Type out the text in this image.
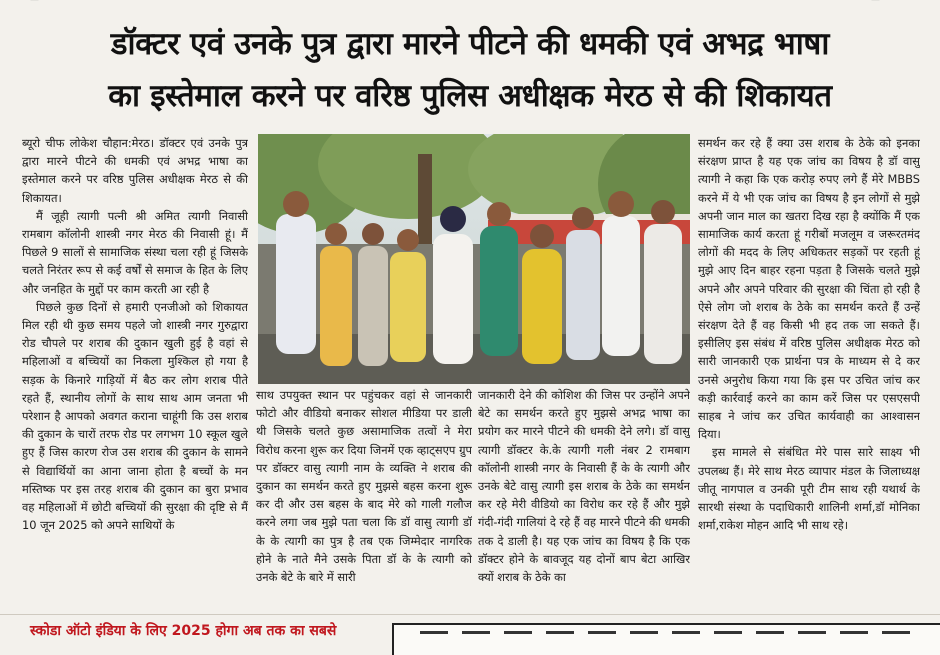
—	—
डॉक्टर एवं उनके पुत्र द्वारा मारने पीटने की धमकी एवं अभद्र भाषा
का इस्तेमाल करने पर वरिष्ठ पुलिस अधीक्षक मेरठ से की शिकायत

ब्यूरो चीफ लोकेश चौहान:मेरठ। डॉक्टर एवं उनके पुत्र द्वारा मारने पीटने की धमकी एवं अभद्र भाषा का इस्तेमाल करने पर वरिष्ठ पुलिस अधीक्षक मेरठ से की शिकायत।

मैं जूही त्यागी पत्नी श्री अमित त्यागी निवासी रामबाग कॉलोनी शास्त्री नगर मेरठ की निवासी हूं। मैं पिछले 9 सालों से सामाजिक संस्था चला रही हूं जिसके चलते निरंतर रूप से कई वर्षों से समाज के हित के लिए और जनहित के मुद्दों पर काम करती आ रही है

पिछले कुछ दिनों से हमारी एनजीओ को शिकायत मिल रही थी कुछ समय पहले जो शास्त्री नगर गुरुद्वारा रोड चौपले पर शराब की दुकान खुली हुई है वहां से महिलाओं व बच्चियों का निकला मुश्किल हो गया है सड़क के किनारे गाड़ियों में बैठ कर लोग शराब पीते रहते हैं, स्थानीय लोगों के साथ साथ आम जनता भी परेशान है आपको अवगत कराना चाहूंगी कि उस शराब की दुकान के चारों तरफ रोड पर लगभग 10 स्कूल खुले हुए हैं जिस कारण रोज उस शराब की दुकान के सामने से विद्यार्थियों का आना जाना होता है बच्चों के मन मस्तिष्क पर इस तरह शराब की दुकान का बुरा प्रभाव वह महिलाओं में छोटी बच्चियों की सुरक्षा की दृष्टि से मैं 10 जून 2025 को अपने साथियों के

साथ उपयुक्त स्थान पर पहुंचकर वहां से जानकारी फोटो और वीडियो बनाकर सोशल मीडिया पर डाली थी जिसके चलते कुछ असामाजिक तत्वों ने मेरा विरोध करना शुरू कर दिया जिनमें एक व्हाट्सएप ग्रुप पर डॉक्टर वासु त्यागी नाम के व्यक्ति ने शराब की दुकान का समर्थन करते हुए मुझसे बहस करना शुरू कर दी और उस बहस के बाद मेरे को गाली गलौज करने लगा जब मुझे पता चला कि डॉ वासु त्यागी डॉ के के त्यागी का पुत्र है तब एक जिम्मेदार नागरिक होने के नाते मैने उसके पिता डॉ के के त्यागी को उनके बेटे के बारे में सारी

जानकारी देने की कोशिश की जिस पर उन्होंने अपने बेटे का समर्थन करते हुए मुझसे अभद्र भाषा का प्रयोग कर मारने पीटने की धमकी देने लगे। डॉ वासु त्यागी डॉक्टर के.के त्यागी गली नंबर 2 रामबाग कॉलोनी शास्त्री नगर के निवासी हैं के के त्यागी और उनके बेटे वासु त्यागी इस शराब के ठेके का समर्थन कर रहे मेरी वीडियो का विरोध कर रहे हैं और मुझे गंदी-गंदी गालियां दे रहे हैं वह मारने पीटने की धमकी तक दे डाली है। यह एक जांच का विषय है कि एक डॉक्टर होने के बावजूद यह दोनों बाप बेटा आखिर क्यों शराब के ठेके का

समर्थन कर रहे हैं क्या उस शराब के ठेके को इनका संरक्षण प्राप्त है यह एक जांच का विषय है डॉ वासु त्यागी ने कहा कि एक करोड़ रुपए लगे हैं मेरे MBBS करने में ये भी एक जांच का विषय है इन लोगों से मुझे अपनी जान माल का खतरा दिख रहा है क्योंकि मैं एक सामाजिक कार्य करता हूं गरीबों मजलूम व जरूरतमंद लोगों की मदद के लिए अधिकतर सड़कों पर रहती हूं मुझे आए दिन बाहर रहना पड़ता है जिसके चलते मुझे अपने और अपने परिवार की सुरक्षा की चिंता हो रही है ऐसे लोग जो शराब के ठेके का समर्थन करते हैं उन्हें संरक्षण देते हैं वह किसी भी हद तक जा सकते हैं। इसीलिए इस संबंध में वरिष्ठ पुलिस अधीक्षक मेरठ को सारी जानकारी एक प्रार्थना पत्र के माध्यम से दे कर उनसे अनुरोध किया गया कि इस पर उचित जांच कर कड़ी कार्रवाई करने का काम करें जिस पर एसएसपी साहब ने जांच कर उचित कार्यवाही का आश्वासन दिया।

इस मामले से संबंधित मेरे पास सारे साक्ष्य भी उपलब्ध हैं। मेरे साथ मेरठ व्यापार मंडल के जिलाध्यक्ष जीतू नागपाल व उनकी पूरी टीम साथ रही यथार्थ के सारथी संस्था के पदाधिकारी शालिनी शर्मा,डॉ मोनिका शर्मा,राकेश मोहन आदि भी साथ रहे।

स्कोडा ऑटो इंडिया के लिए 2025 होगा अब तक का सबसे
